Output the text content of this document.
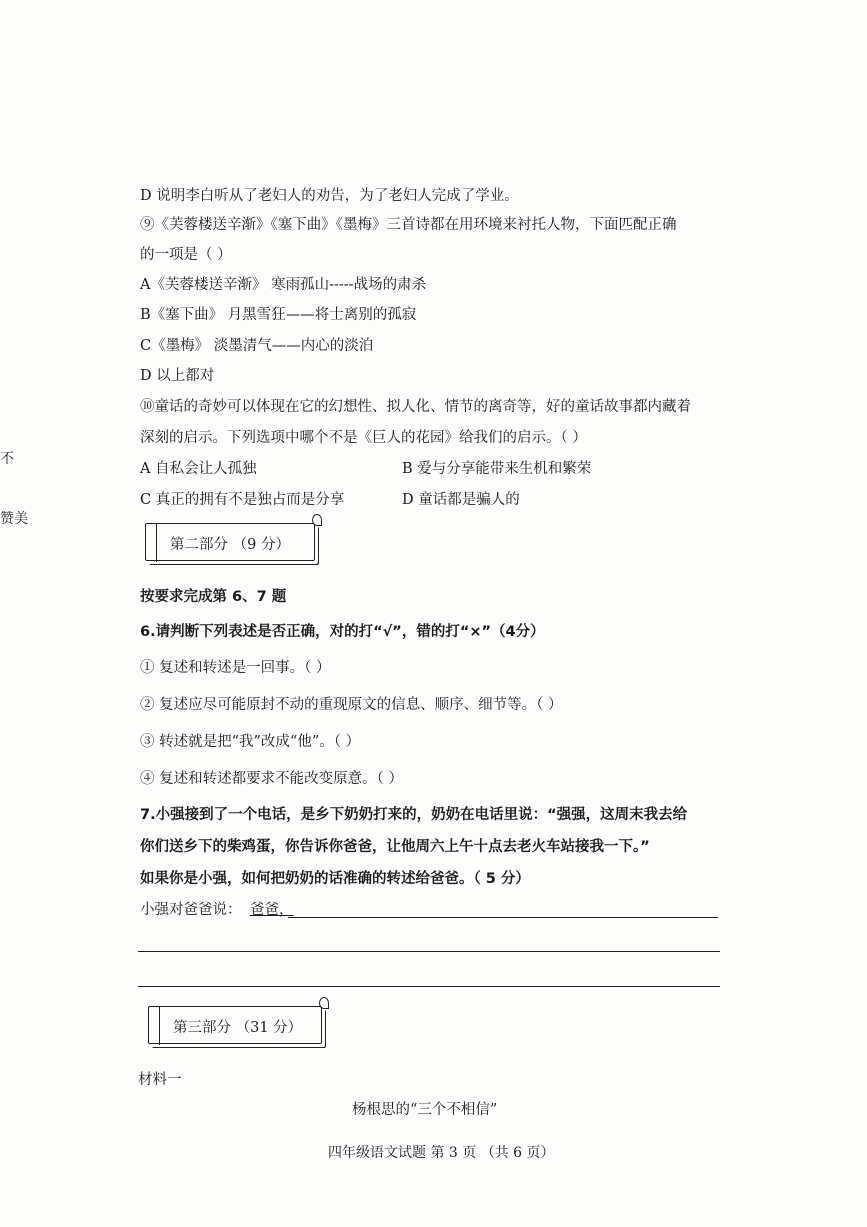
不
赞美
D 说明李白听从了老妇人的劝告，为了老妇人完成了学业。
⑨《芙蓉楼送辛渐》《塞下曲》《墨梅》三首诗都在用环境来衬托人物，下面匹配正确
的一项是（ ）
A《芙蓉楼送辛渐》 寒雨孤山-----战场的肃杀
B《塞下曲》 月黑雪狂——将士离别的孤寂
C《墨梅》 淡墨清气——内心的淡泊
D 以上都对
⑩童话的奇妙可以体现在它的幻想性、拟人化、情节的离奇等，好的童话故事都内藏着
深刻的启示。下列选项中哪个不是《巨人的花园》给我们的启示。（ ）
A 自私会让人孤独	B 爱与分享能带来生机和繁荣
C 真正的拥有不是独占而是分享	D 童话都是骗人的
第二部分 （9 分）
按要求完成第 6、7 题
6.请判断下列表述是否正确，对的打“√”，错的打“×”（4分）
① 复述和转述是一回事。（ ）
② 复述应尽可能原封不动的重现原文的信息、顺序、细节等。（ ）
③ 转述就是把“我”改成“他”。（ ）
④ 复述和转述都要求不能改变原意。（ ）
7.小强接到了一个电话，是乡下奶奶打来的，奶奶在电话里说：“强强，这周末我去给
你们送乡下的柴鸡蛋，你告诉你爸爸，让他周六上午十点去老火车站接我一下。”
如果你是小强，如何把奶奶的话准确的转述给爸爸。（ 5 分）
小强对爸爸说： 爸爸，
第三部分 （31 分）
材料一
杨根思的“三个不相信”
四年级语文试题 第 3 页 （共 6 页）
